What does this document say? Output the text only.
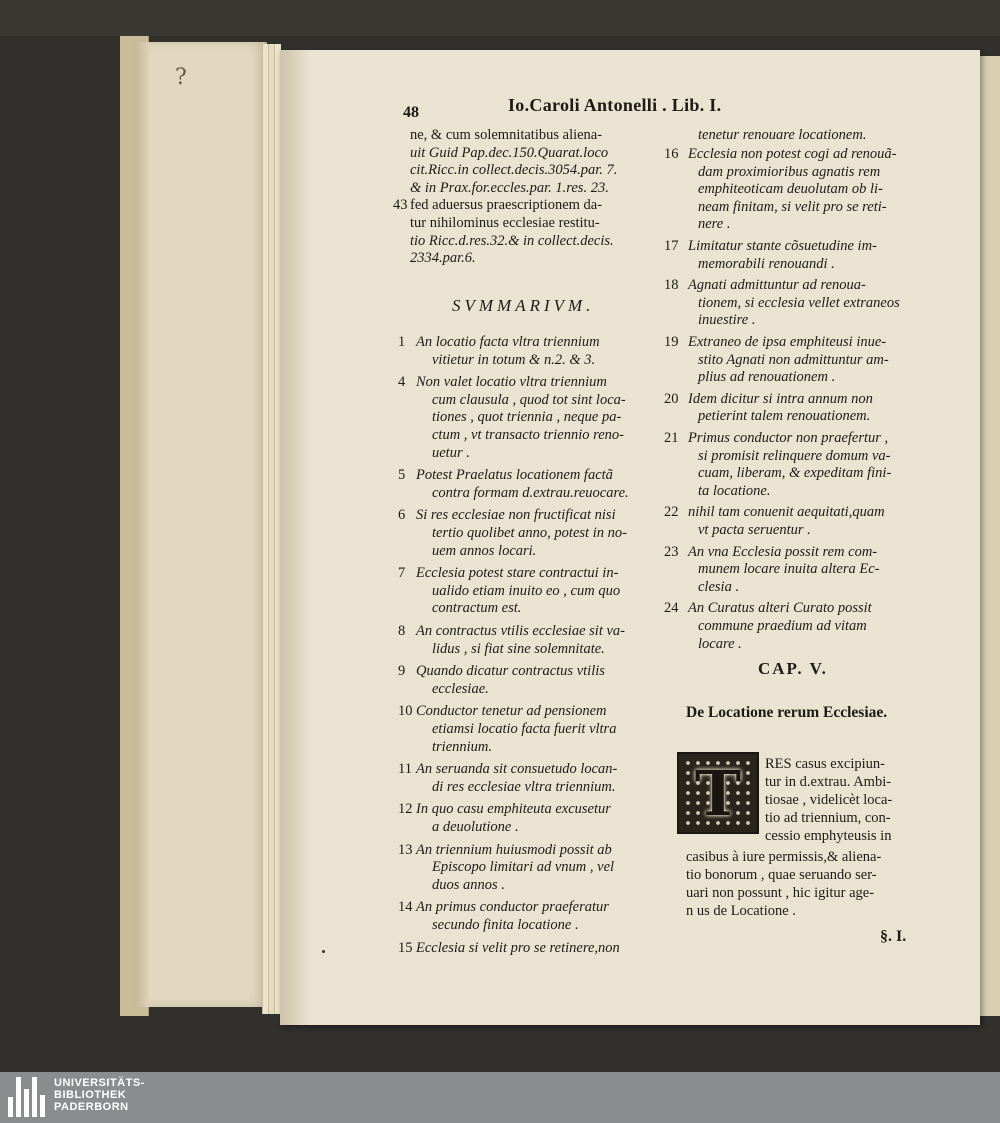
?
48	Io.Caroli Antonelli . Lib. I.
ne, & cum solemnitatibus aliena-
uit Guid Pap.dec.150.Quarat.loco
cit.Ricc.in collect.decis.3054.par. 7.
& in Prax.for.eccles.par. 1.res. 23.
fed aduersus praescriptionem da-
tur nihilominus ecclesiae restitu-
tio Ricc.d.res.32.& in collect.decis.
2334.par.6.
43
SVMMARIVM.
1 An locatio facta vltra triennium
vitietur in totum & n.2. & 3.
4 Non valet locatio vltra triennium
cum clausula , quod tot sint loca-
tiones , quot triennia , neque pa-
ctum , vt transacto triennio reno-
uetur .
5 Potest Praelatus locationem factã
contra formam d.extrau.reuocare.
6 Si res ecclesiae non fructificat nisi
tertio quolibet anno, potest in no-
uem annos locari.
7 Ecclesia potest stare contractui in-
ualido etiam inuito eo , cum quo
contractum est.
8 An contractus vtilis ecclesiae sit va-
lidus , si fiat sine solemnitate.
9 Quando dicatur contractus vtilis
ecclesiae.
10 Conductor tenetur ad pensionem
etiamsi locatio facta fuerit vltra
triennium.
11 An seruanda sit consuetudo locan-
di res ecclesiae vltra triennium.
12 In quo casu emphiteuta excusetur
a deuolutione .
13 An triennium huiusmodi possit ab
Episcopo limitari ad vnum , vel
duos annos .
14 An primus conductor praeferatur
secundo finita locatione .
15 Ecclesia si velit pro se retinere,non
tenetur renouare locationem.
16 Ecclesia non potest cogi ad renouã-
dam proximioribus agnatis rem
emphiteoticam deuolutam ob li-
neam finitam, si velit pro se reti-
nere .
17 Limitatur stante cõsuetudine im-
memorabili renouandi .
18 Agnati admittuntur ad renoua-
tionem, si ecclesia vellet extraneos
inuestire .
19 Extraneo de ipsa emphiteusi inue-
stito Agnati non admittuntur am-
plius ad renouationem .
20 Idem dicitur si intra annum non
petierint talem renouationem.
21 Primus conductor non praefertur ,
si promisit relinquere domum va-
cuam, liberam, & expeditam fini-
ta locatione.
22 nihil tam conuenit aequitati,quam
vt pacta seruentur .
23 An vna Ecclesia possit rem com-
munem locare inuita altera Ec-
clesia .
24 An Curatus alteri Curato possit
commune praedium ad vitam
locare .
CAP. V.
De Locatione rerum Ecclesiae.
RES casus excipiun-
tur in d.extrau. Ambi-
tiosae , videlicèt loca-
tio ad triennium, con-
cessio emphyteusis in
casibus à iure permissis,& aliena-
tio bonorum , quae seruando ser-
uari non possunt , hic igitur age-
n us de Locatione .
§. I.
T
UNIVERSITÄTS-
BIBLIOTHEK
PADERBORN
